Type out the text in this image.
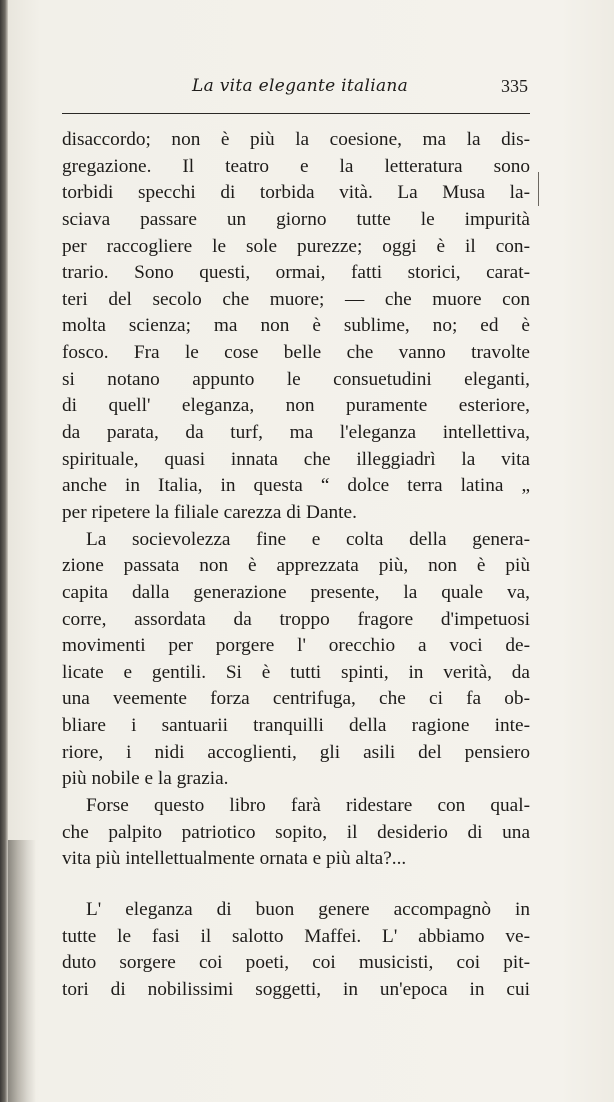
La vita elegante italiana	335
disaccordo; non è più la coesione, ma la dis-
gregazione. Il teatro e la letteratura sono
torbidi specchi di torbida vità. La Musa la-
sciava passare un giorno tutte le impurità
per raccogliere le sole purezze; oggi è il con-
trario. Sono questi, ormai, fatti storici, carat-
teri del secolo che muore; — che muore con
molta scienza; ma non è sublime, no; ed è
fosco. Fra le cose belle che vanno travolte
si notano appunto le consuetudini eleganti,
di quell' eleganza, non puramente esteriore,
da parata, da turf, ma l'eleganza intellettiva,
spirituale, quasi innata che illeggiadrì la vita
anche in Italia, in questa “ dolce terra latina „
per ripetere la filiale carezza di Dante.
La socievolezza fine e colta della genera-
zione passata non è apprezzata più, non è più
capita dalla generazione presente, la quale va,
corre, assordata da troppo fragore d'impetuosi
movimenti per porgere l' orecchio a voci de-
licate e gentili. Si è tutti spinti, in verità, da
una veemente forza centrifuga, che ci fa ob-
bliare i santuarii tranquilli della ragione inte-
riore, i nidi accoglienti, gli asili del pensiero
più nobile e la grazia.
Forse questo libro farà ridestare con qual-
che palpito patriotico sopito, il desiderio di una
vita più intellettualmente ornata e più alta?...
L' eleganza di buon genere accompagnò in
tutte le fasi il salotto Maffei. L' abbiamo ve-
duto sorgere coi poeti, coi musicisti, coi pit-
tori di nobilissimi soggetti, in un'epoca in cui
